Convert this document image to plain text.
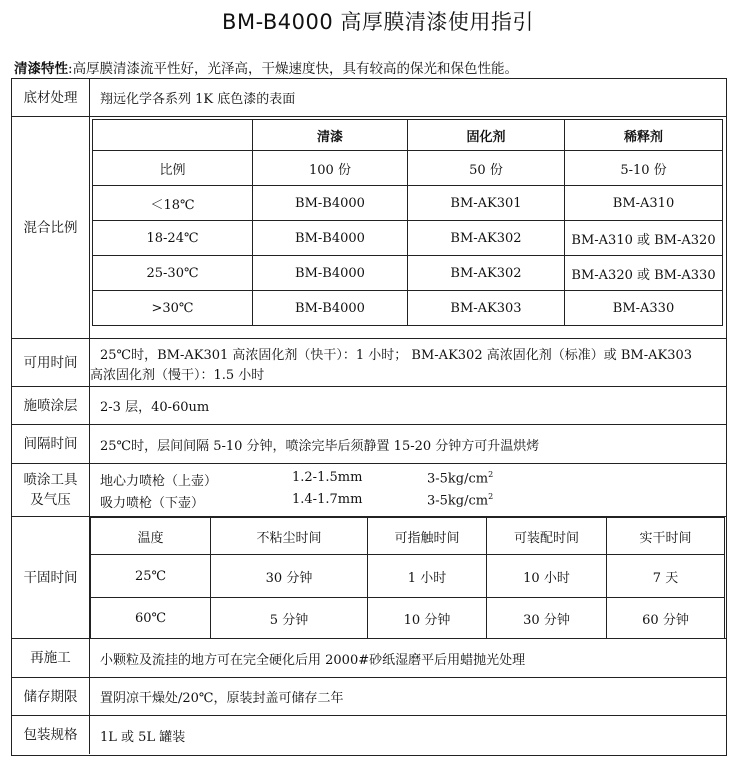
BM-B4000 高厚膜清漆使用指引
清漆特性:高厚膜清漆流平性好，光泽高，干燥速度快，具有较高的保光和保色性能。
底材处理	翔远化学各系列 1K 底色漆的表面
混合比例
	清漆	固化剂	稀释剂
比例	100 份	50 份	5-10 份
＜18℃	BM-B4000	BM-AK301	BM-A310
18-24℃	BM-B4000	BM-AK302	BM-A310 或 BM-A320
25-30℃	BM-B4000	BM-AK302	BM-A320 或 BM-A330
>30℃	BM-B4000	BM-AK303	BM-A330
可用时间	25℃时，BM-AK301 高浓固化剂（快干）：1 小时； BM-AK302 高浓固化剂（标准）或 BM-AK303
高浓固化剂（慢干）：1.5 小时
施喷涂层	2-3 层，40-60um
间隔时间	25℃时，层间间隔 5-10 分钟，喷涂完毕后须静置 15-20 分钟方可升温烘烤
喷涂工具
及气压
地心力喷枪（上壶）	1.2-1.5mm	$3-5kg/cm^2$
吸力喷枪（下壶）	1.4-1.7mm	$3-5kg/cm^2$
干固时间
温度	不粘尘时间	可指触时间	可装配时间	实干时间
25℃	30 分钟	1 小时	10 小时	7 天
60℃	5 分钟	10 分钟	30 分钟	60 分钟
再施工	小颗粒及流挂的地方可在完全硬化后用 2000#砂纸湿磨平后用蜡抛光处理
储存期限	置阴凉干燥处/20℃，原装封盖可储存二年
包装规格	1L 或 5L 罐装
